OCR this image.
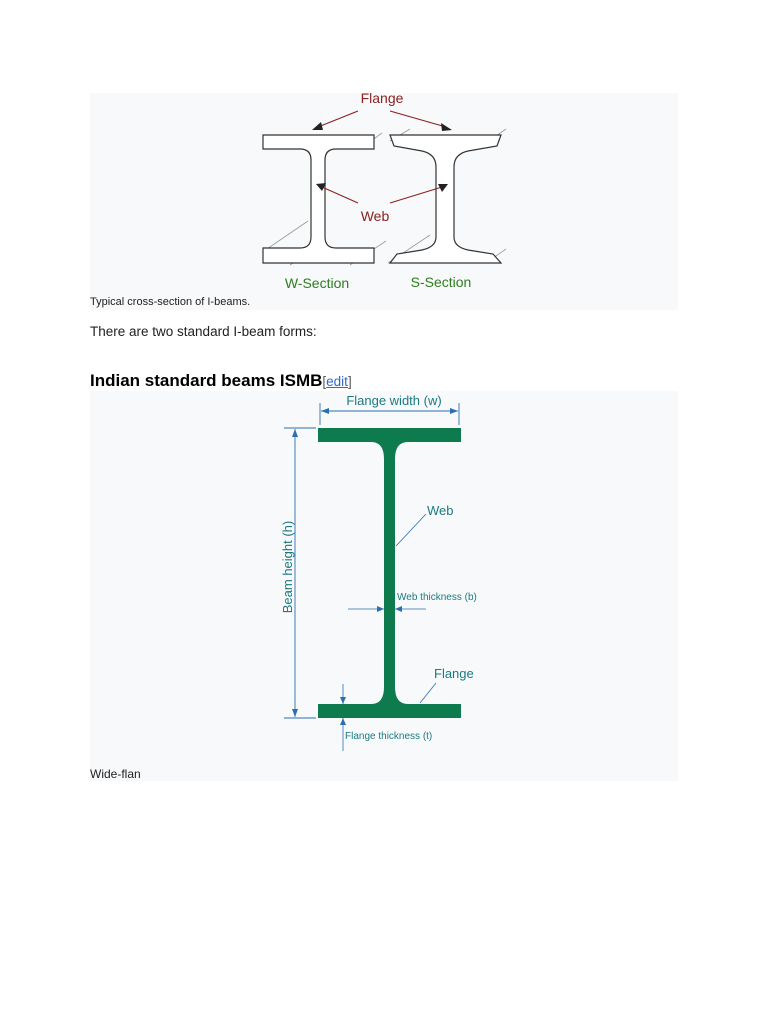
Flange
Web
W-Section	S-Section
Typical cross-section of I-beams.
There are two standard I-beam forms:
Indian standard beams ISMB[edit]
Flange width (w)
Beam height (h)
Web
Web thickness (b)
Flange
Flange thickness (t)
Wide-flan
